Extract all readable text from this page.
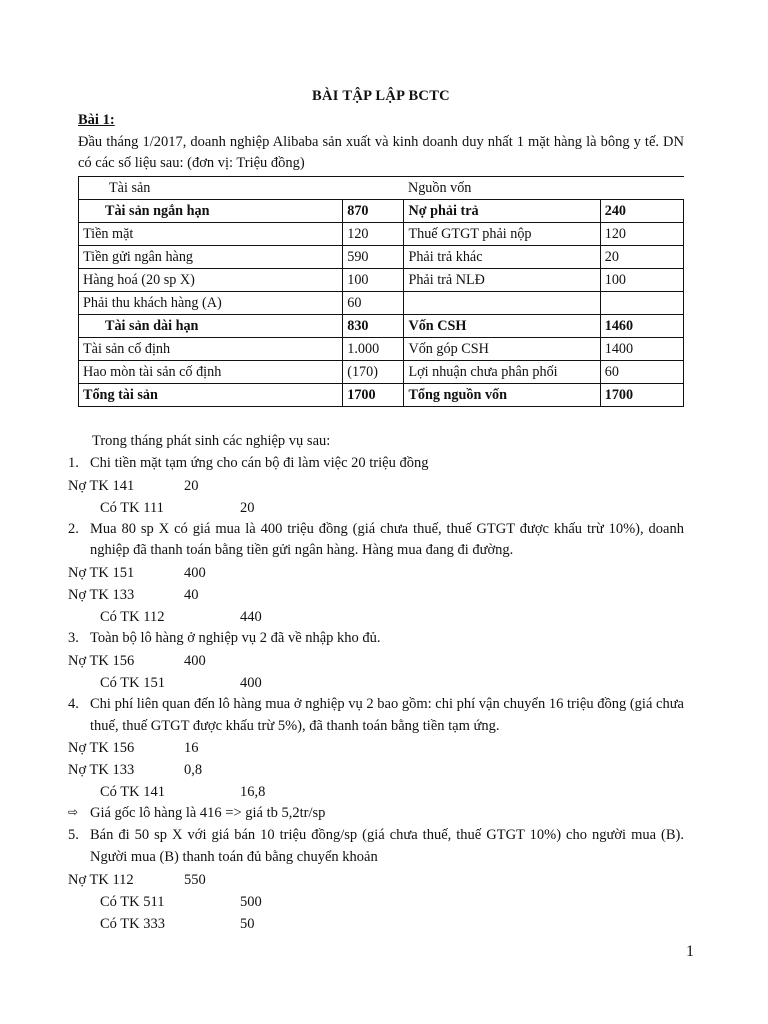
BÀI TẬP LẬP BCTC
Bài 1:
Đầu tháng 1/2017, doanh nghiệp Alibaba sản xuất và kinh doanh duy nhất 1 mặt hàng là bông y tế. DN có các số liệu sau: (đơn vị: Triệu đồng)
Tài sản		Nguồn vốn	
Tài sản ngắn hạn	870	Nợ phải trả	240
Tiền mặt	120	Thuế GTGT phải nộp	120
Tiền gửi ngân hàng	590	Phải trả khác	20
Hàng hoá (20 sp X)	100	Phải trả NLĐ	100
Phải thu khách hàng (A)	60		
Tài sản dài hạn	830	Vốn CSH	1460
Tài sản cố định	1.000	Vốn góp CSH	1400
Hao mòn tài sản cố định	(170)	Lợi nhuận chưa phân phối	60
Tổng tài sản	1700	Tổng nguồn vốn	1700
Trong tháng phát sinh các nghiệp vụ sau:
1. Chi tiền mặt tạm ứng cho cán bộ đi làm việc 20 triệu đồng
Nợ TK 141	20
Có TK 111	20
2. Mua 80 sp X có giá mua là 400 triệu đồng (giá chưa thuế, thuế GTGT được khấu trừ 10%), doanh nghiệp đã thanh toán bằng tiền gửi ngân hàng. Hàng mua đang đi đường.
Nợ TK 151	400
Nợ TK 133	40
Có TK 112	440
3. Toàn bộ lô hàng ở nghiệp vụ 2 đã về nhập kho đủ.
Nợ TK 156	400
Có TK 151	400
4. Chi phí liên quan đến lô hàng mua ở nghiệp vụ 2 bao gồm: chi phí vận chuyển 16 triệu đồng (giá chưa thuế, thuế GTGT được khấu trừ 5%), đã thanh toán bằng tiền tạm ứng.
Nợ TK 156	16
Nợ TK 133	0,8
Có TK 141	16,8
⇨ Giá gốc lô hàng là 416 => giá tb 5,2tr/sp
5. Bán đi 50 sp X với giá bán 10 triệu đồng/sp (giá chưa thuế, thuế GTGT 10%) cho người mua (B). Người mua (B) thanh toán đủ bằng chuyển khoản
Nợ TK 112	550
Có TK 511	500
Có TK 333	50
1
